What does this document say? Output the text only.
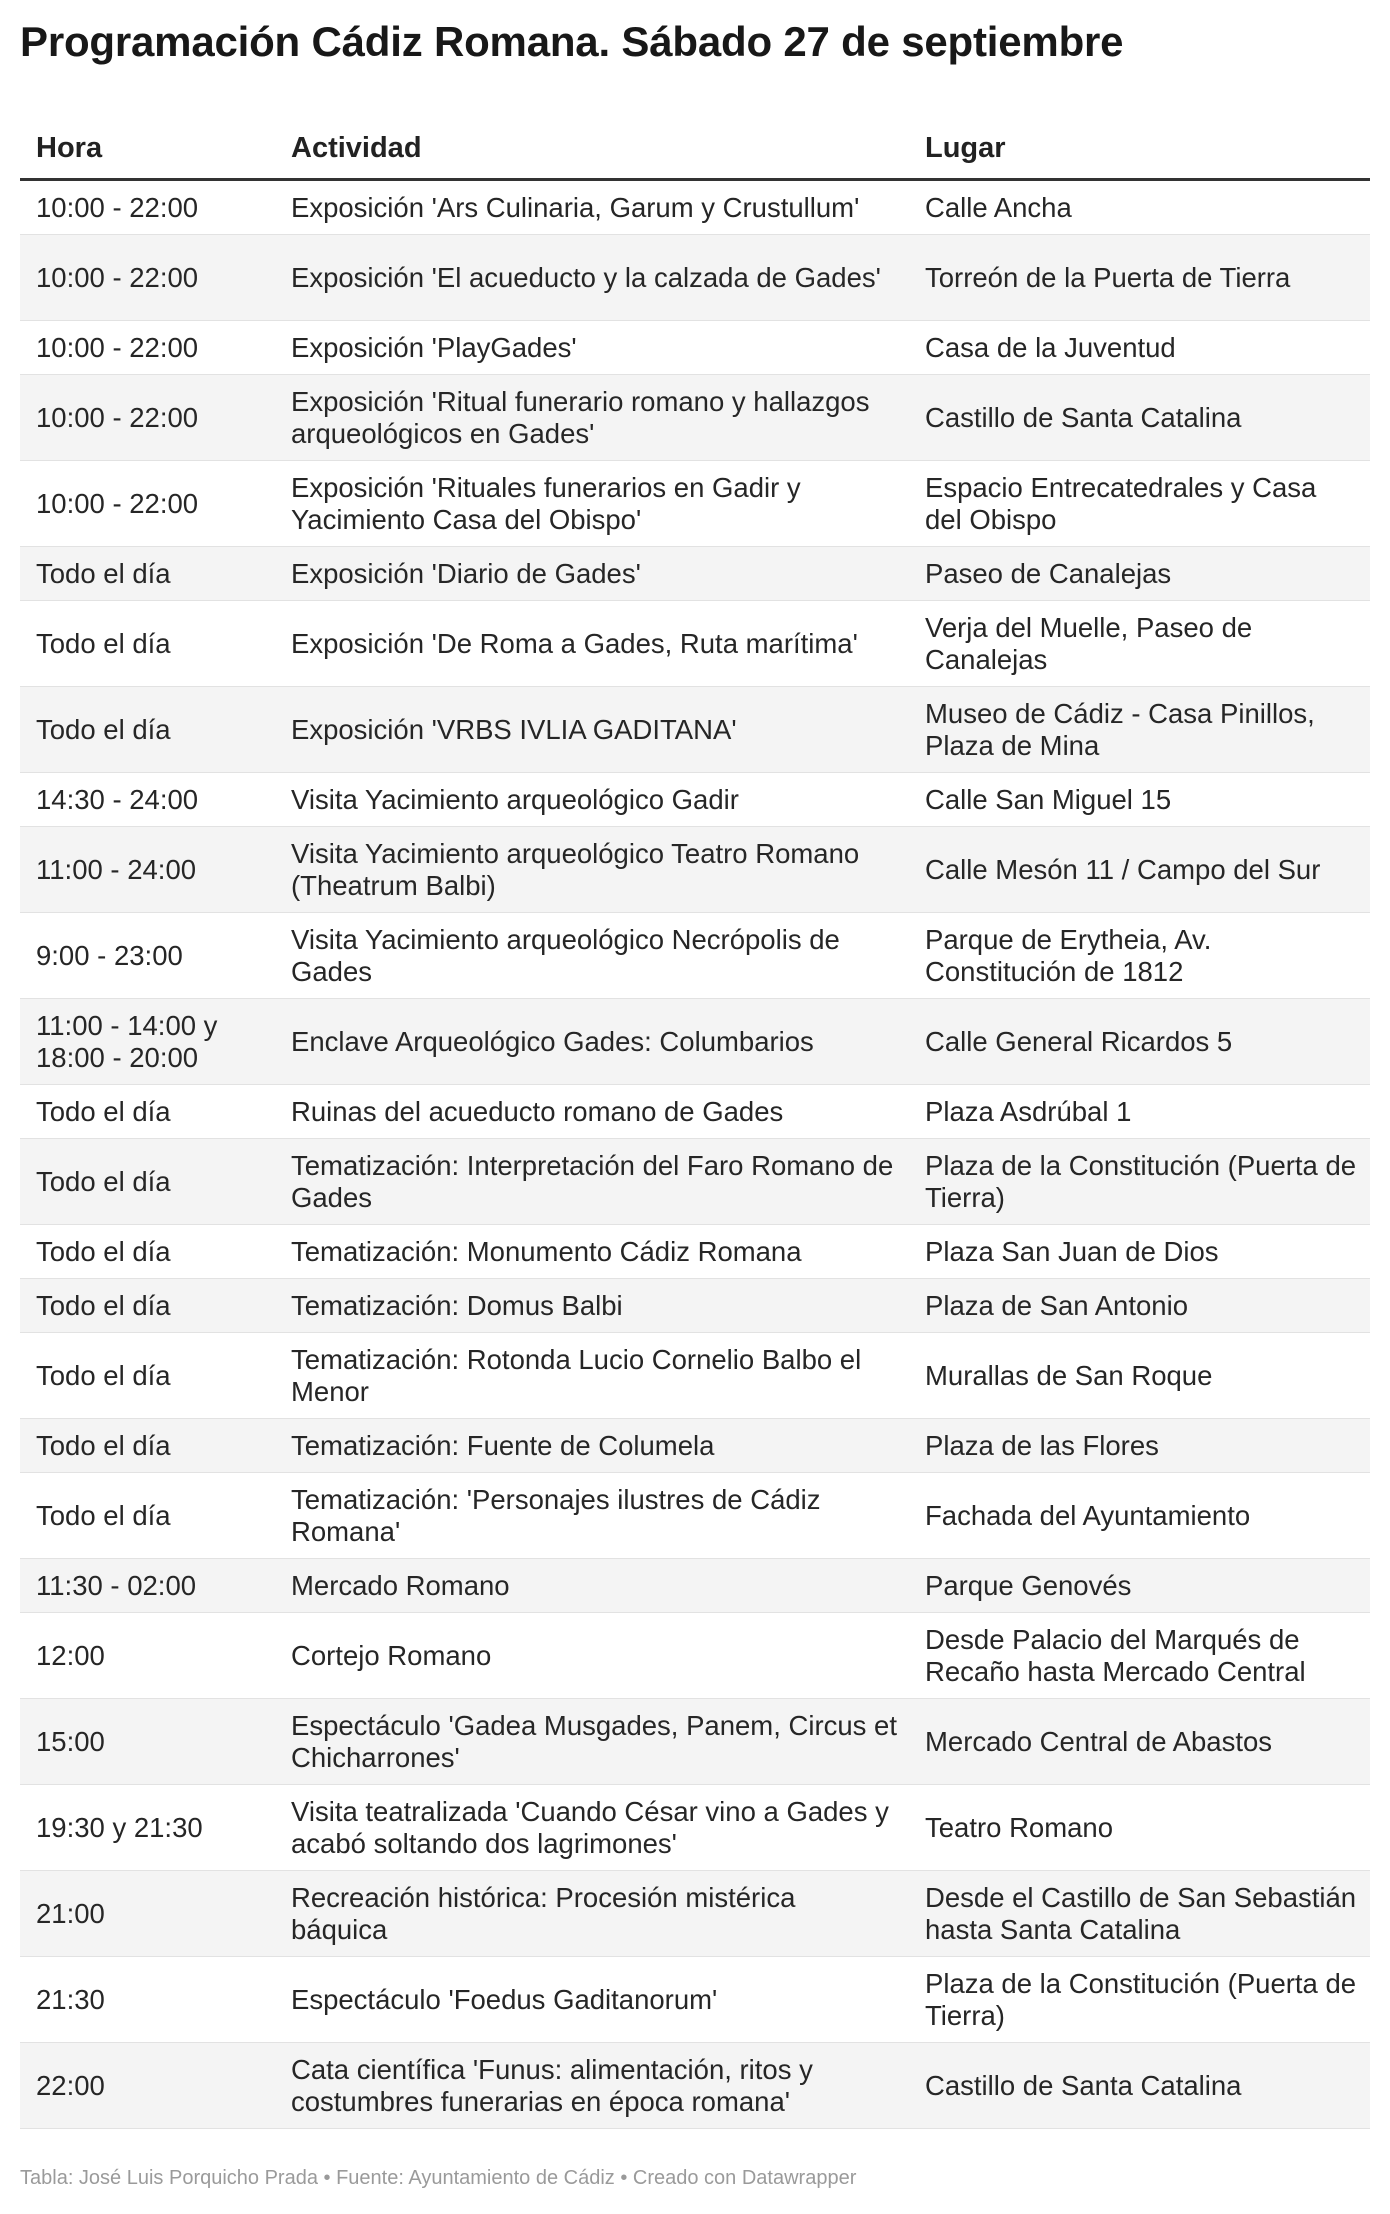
Programación Cádiz Romana. Sábado 27 de septiembre
Hora	Actividad	Lugar
10:00 - 22:00	Exposición 'Ars Culinaria, Garum y Crustullum'	Calle Ancha
10:00 - 22:00	Exposición 'El acueducto y la calzada de Gades'	Torreón de la Puerta de Tierra
10:00 - 22:00	Exposición 'PlayGades'	Casa de la Juventud
10:00 - 22:00	Exposición 'Ritual funerario romano y hallazgos arqueológicos en Gades'	Castillo de Santa Catalina
10:00 - 22:00	Exposición 'Rituales funerarios en Gadir y Yacimiento Casa del Obispo'	Espacio Entrecatedrales y Casa del Obispo
Todo el día	Exposición 'Diario de Gades'	Paseo de Canalejas
Todo el día	Exposición 'De Roma a Gades, Ruta marítima'	Verja del Muelle, Paseo de Canalejas
Todo el día	Exposición 'VRBS IVLIA GADITANA'	Museo de Cádiz - Casa Pinillos, Plaza de Mina
14:30 - 24:00	Visita Yacimiento arqueológico Gadir	Calle San Miguel 15
11:00 - 24:00	Visita Yacimiento arqueológico Teatro Romano (Theatrum Balbi)	Calle Mesón 11 / Campo del Sur
9:00 - 23:00	Visita Yacimiento arqueológico Necrópolis de Gades	Parque de Erytheia, Av. Constitución de 1812
11:00 - 14:00 y 18:00 - 20:00	Enclave Arqueológico Gades: Columbarios	Calle General Ricardos 5
Todo el día	Ruinas del acueducto romano de Gades	Plaza Asdrúbal 1
Todo el día	Tematización: Interpretación del Faro Romano de Gades	Plaza de la Constitución (Puerta de Tierra)
Todo el día	Tematización: Monumento Cádiz Romana	Plaza San Juan de Dios
Todo el día	Tematización: Domus Balbi	Plaza de San Antonio
Todo el día	Tematización: Rotonda Lucio Cornelio Balbo el Menor	Murallas de San Roque
Todo el día	Tematización: Fuente de Columela	Plaza de las Flores
Todo el día	Tematización: 'Personajes ilustres de Cádiz Romana'	Fachada del Ayuntamiento
11:30 - 02:00	Mercado Romano	Parque Genovés
12:00	Cortejo Romano	Desde Palacio del Marqués de Recaño hasta Mercado Central
15:00	Espectáculo 'Gadea Musgades, Panem, Circus et Chicharrones'	Mercado Central de Abastos
19:30 y 21:30	Visita teatralizada 'Cuando César vino a Gades y acabó soltando dos lagrimones'	Teatro Romano
21:00	Recreación histórica: Procesión mistérica báquica	Desde el Castillo de San Sebastián hasta Santa Catalina
21:30	Espectáculo 'Foedus Gaditanorum'	Plaza de la Constitución (Puerta de Tierra)
22:00	Cata científica 'Funus: alimentación, ritos y costumbres funerarias en época romana'	Castillo de Santa Catalina
Tabla: José Luis Porquicho Prada • Fuente: Ayuntamiento de Cádiz • Creado con Datawrapper
